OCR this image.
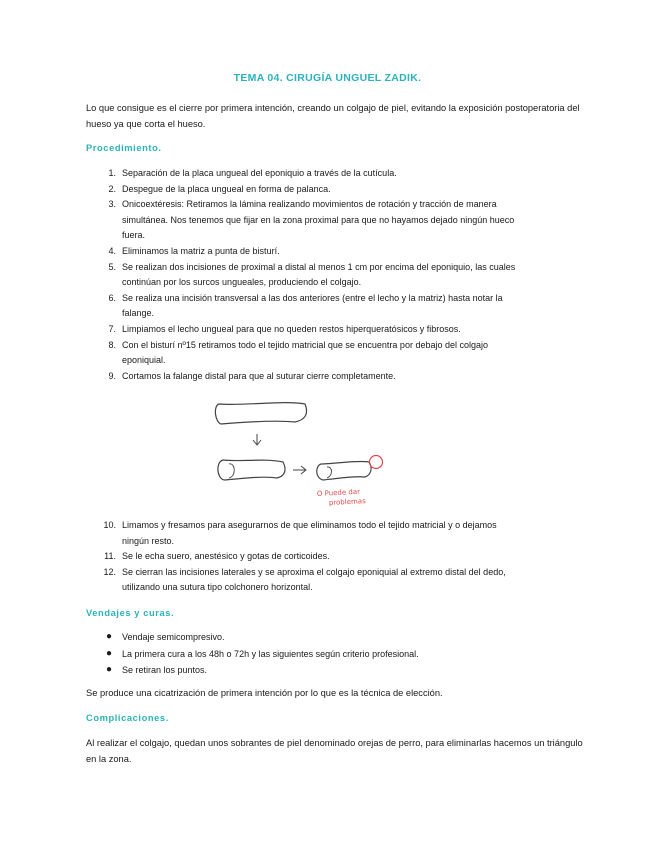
TEMA 04. CIRUGÍA UNGUEL ZADIK.

Lo que consigue es el cierre por primera intención, creando un colgajo de piel, evitando la exposición postoperatoria del hueso ya que corta el hueso.

Procedimiento.
1. Separación de la placa ungueal del eponiquio a través de la cutícula.
2. Despegue de la placa ungueal en forma de palanca.
3. Onicoextéresis: Retiramos la lámina realizando movimientos de rotación y tracción de manera simultánea. Nos tenemos que fijar en la zona proximal para que no hayamos dejado ningún hueco fuera.
4. Eliminamos la matriz a punta de bisturí.
5. Se realizan dos incisiones de proximal a distal al menos 1 cm por encima del eponiquio, las cuales continúan por los surcos ungueales, produciendo el colgajo.
6. Se realiza una incisión transversal a las dos anteriores (entre el lecho y la matriz) hasta notar la falange.
7. Limpiamos el lecho ungueal para que no queden restos hiperqueratósicos y fibrosos.
8. Con el bisturí nº15 retiramos todo el tejido matricial que se encuentra por debajo del colgajo eponiquial.
9. Cortamos la falange distal para que al suturar cierre completamente.
O Puede dar
problemas
10. Limamos y fresamos para asegurarnos de que eliminamos todo el tejido matricial y o dejamos ningún resto.
11. Se le echa suero, anestésico y gotas de corticoides.
12. Se cierran las incisiones laterales y se aproxima el colgajo eponiquial al extremo distal del dedo, utilizando una sutura tipo colchonero horizontal.
Vendajes y curas.
● Vendaje semicompresivo.
● La primera cura a los 48h o 72h y las siguientes según criterio profesional.
● Se retiran los puntos.

Se produce una cicatrización de primera intención por lo que es la técnica de elección.

Complicaciones.

Al realizar el colgajo, quedan unos sobrantes de piel denominado orejas de perro, para eliminarlas hacemos un triángulo en la zona.
